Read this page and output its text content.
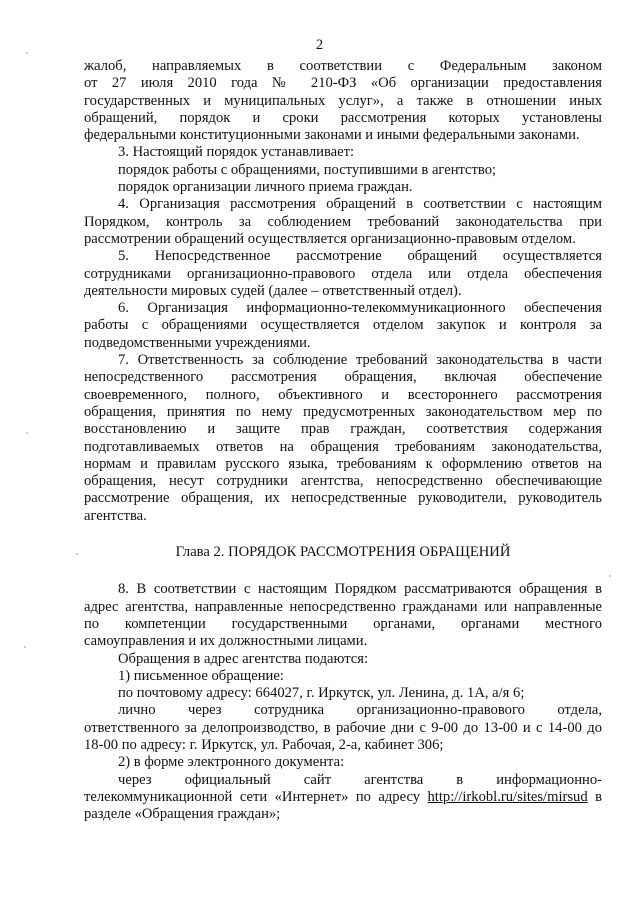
2
жалоб, направляемых в соответствии с Федеральным законом
от 27 июля 2010 года № 210-ФЗ «Об организации предоставления
государственных и муниципальных услуг», а также в отношении иных
обращений, порядок и сроки рассмотрения которых установлены
федеральными конституционными законами и иными федеральными законами.
3. Настоящий порядок устанавливает:
порядок работы с обращениями, поступившими в агентство;
порядок организации личного приема граждан.
4. Организация рассмотрения обращений в соответствии с настоящим
Порядком, контроль за соблюдением требований законодательства при
рассмотрении обращений осуществляется организационно-правовым отделом.
5. Непосредственное рассмотрение обращений осуществляется
сотрудниками организационно-правового отдела или отдела обеспечения
деятельности мировых судей (далее – ответственный отдел).
6. Организация информационно-телекоммуникационного обеспечения
работы с обращениями осуществляется отделом закупок и контроля за
подведомственными учреждениями.
7. Ответственность за соблюдение требований законодательства в части
непосредственного рассмотрения обращения, включая обеспечение
своевременного, полного, объективного и всестороннего рассмотрения
обращения, принятия по нему предусмотренных законодательством мер по
восстановлению и защите прав граждан, соответствия содержания
подготавливаемых ответов на обращения требованиям законодательства,
нормам и правилам русского языка, требованиям к оформлению ответов на
обращения, несут сотрудники агентства, непосредственно обеспечивающие
рассмотрение обращения, их непосредственные руководители, руководитель
агентства.
Глава 2. ПОРЯДОК РАССМОТРЕНИЯ ОБРАЩЕНИЙ
8. В соответствии с настоящим Порядком рассматриваются обращения в
адрес агентства, направленные непосредственно гражданами или направленные
по компетенции государственными органами, органами местного
самоуправления и их должностными лицами.
Обращения в адрес агентства подаются:
1) письменное обращение:
по почтовому адресу: 664027, г. Иркутск, ул. Ленина, д. 1А, а/я 6;
лично через сотрудника организационно-правового отдела,
ответственного за делопроизводство, в рабочие дни с 9-00 до 13-00 и с 14-00 до
18-00 по адресу: г. Иркутск, ул. Рабочая, 2-а, кабинет 306;
2) в форме электронного документа:
через официальный сайт агентства в информационно-
телекоммуникационной сети «Интернет» по адресу http://irkobl.ru/sites/mirsud в
разделе «Обращения граждан»;
